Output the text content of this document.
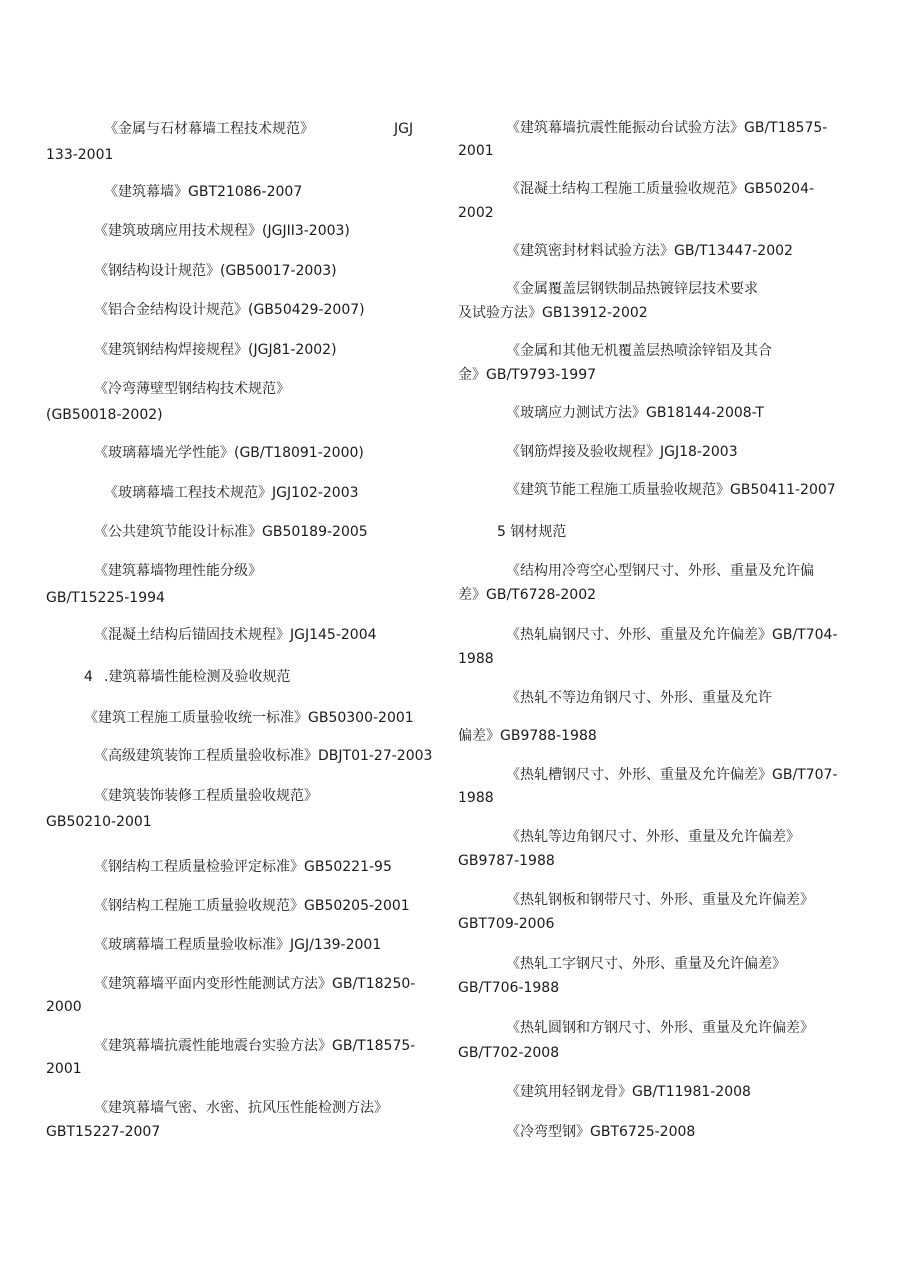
《金属与石材幕墙工程技术规范》	JGJ
133-2001
《建筑幕墙》GBT21086-2007
《建筑玻璃应用技术规程》(JGJII3-2003)
《钢结构设计规范》(GB50017-2003)
《铝合金结构设计规范》(GB50429-2007)
《建筑钢结构焊接规程》(JGJ81-2002)
《冷弯薄壁型钢结构技术规范》
(GB50018-2002)
《玻璃幕墙光学性能》(GB/T18091-2000)
《玻璃幕墙工程技术规范》JGJ102-2003
《公共建筑节能设计标准》GB50189-2005
《建筑幕墙物理性能分级》
GB/T15225-1994
《混凝土结构后锚固技术规程》JGJ145-2004
4 .建筑幕墙性能检测及验收规范
《建筑工程施工质量验收统一标准》GB50300-2001
《高级建筑装饰工程质量验收标准》DBJT01-27-2003
《建筑装饰装修工程质量验收规范》
GB50210-2001
《钢结构工程质量检验评定标准》GB50221-95
《钢结构工程施工质量验收规范》GB50205-2001
《玻璃幕墙工程质量验收标准》JGJ/139-2001
《建筑幕墙平面内变形性能测试方法》GB/T18250-
2000
《建筑幕墙抗震性能地震台实验方法》GB/T18575-
2001
《建筑幕墙气密、水密、抗风压性能检测方法》
GBT15227-2007
《建筑幕墙抗震性能振动台试验方法》GB/T18575-
2001
《混凝土结构工程施工质量验收规范》GB50204-
2002
《建筑密封材料试验方法》GB/T13447-2002
《金属覆盖层钢铁制品热镀锌层技术要求
及试验方法》GB13912-2002
《金属和其他无机覆盖层热喷涂锌铝及其合
金》GB/T9793-1997
《玻璃应力测试方法》GB18144-2008-T
《钢筋焊接及验收规程》JGJ18-2003
《建筑节能工程施工质量验收规范》GB50411-2007
5 钢材规范
《结构用冷弯空心型钢尺寸、外形、重量及允许偏
差》GB/T6728-2002
《热轧扁钢尺寸、外形、重量及允许偏差》GB/T704-
1988
《热轧不等边角钢尺寸、外形、重量及允许
偏差》GB9788-1988
《热轧槽钢尺寸、外形、重量及允许偏差》GB/T707-
1988
《热轧等边角钢尺寸、外形、重量及允许偏差》
GB9787-1988
《热轧钢板和钢带尺寸、外形、重量及允许偏差》
GBT709-2006
《热轧工字钢尺寸、外形、重量及允许偏差》
GB/T706-1988
《热轧圆钢和方钢尺寸、外形、重量及允许偏差》
GB/T702-2008
《建筑用轻钢龙骨》GB/T11981-2008
《冷弯型钢》GBT6725-2008
